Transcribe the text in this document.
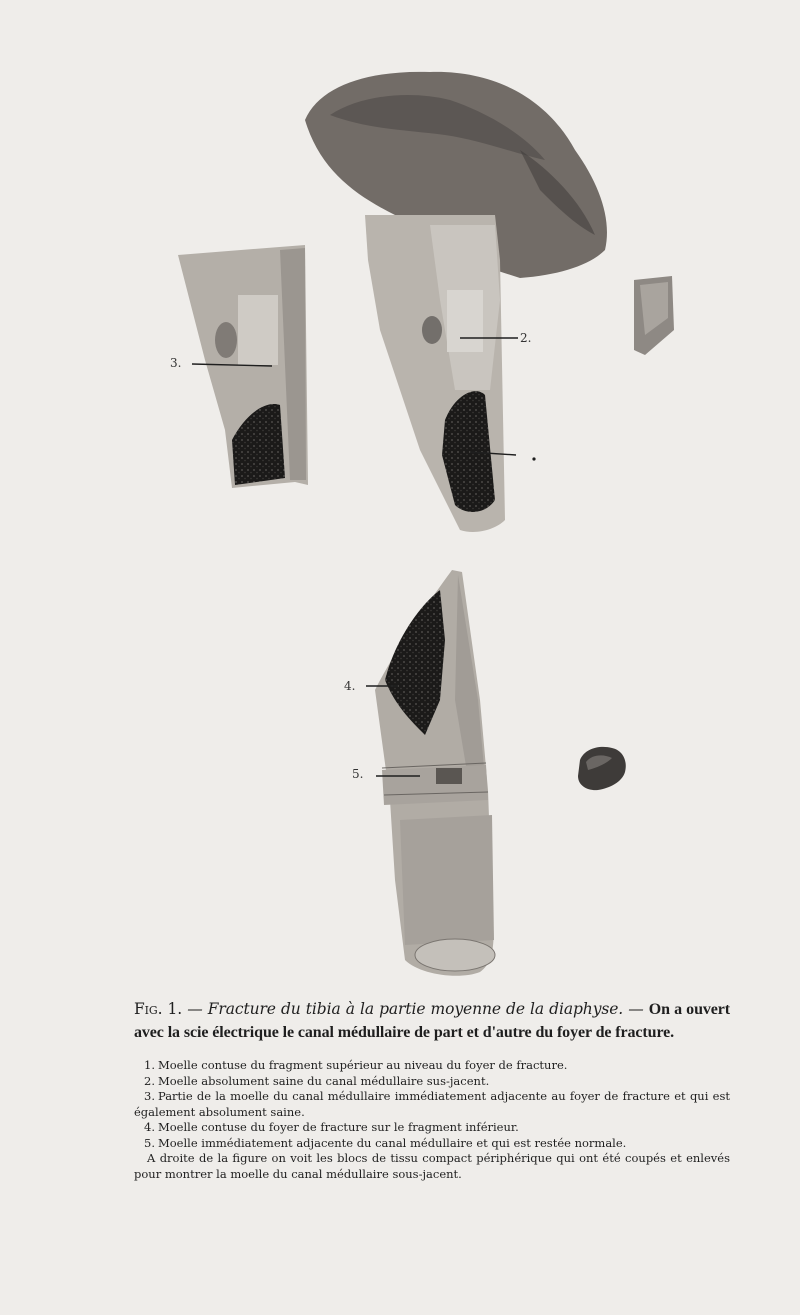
3.
2.
4.
5.

Fig. 1. — Fracture du tibia à la partie moyenne de la diaphyse. — On a ouvert avec la scie électrique le canal médullaire de part et d'autre du foyer de fracture.

1. Moelle contuse du fragment supérieur au niveau du foyer de fracture.
2. Moelle absolument saine du canal médullaire sus-jacent.
3. Partie de la moelle du canal médullaire immédiatement adjacente au foyer de fracture et qui est également absolument saine.
4. Moelle contuse du foyer de fracture sur le fragment inférieur.
5. Moelle immédiatement adjacente du canal médullaire et qui est restée normale.
A droite de la figure on voit les blocs de tissu compact périphérique qui ont été coupés et enlevés pour montrer la moelle du canal médullaire sous-jacent.
